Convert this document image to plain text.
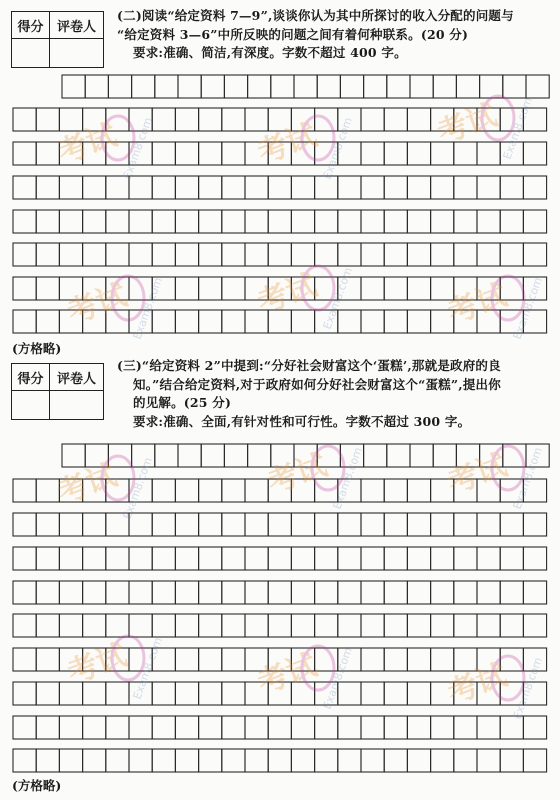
得分	评卷人

(二)阅读“给定资料 7—9”,谈谈你认为其中所探讨的收入分配的问题与
“给定资料 3—6”中所反映的问题之间有着何种联系。(20 分)
要求:准确、简洁,有深度。字数不超过 400 字。
(方格略)
得分	评卷人

(三)“给定资料 2”中提到:“分好社会财富这个‘蛋糕’,那就是政府的良
知。”结合给定资料,对于政府如何分好社会财富这个“蛋糕”,提出你
的见解。(25 分)
要求:准确、全面,有针对性和可行性。字数不超过 300 字。
(方格略)
考试 Exam8.com	考试 Exam8.com	考试 Exam8.com
考试 Exam8.com	考试 Exam8.com	考试 Exam8.com
考试 Exam8.com	考试 Exam8.com	考试 Exam8.com
考试 Exam8.com	考试 Exam8.com	考试 Exam8.com
